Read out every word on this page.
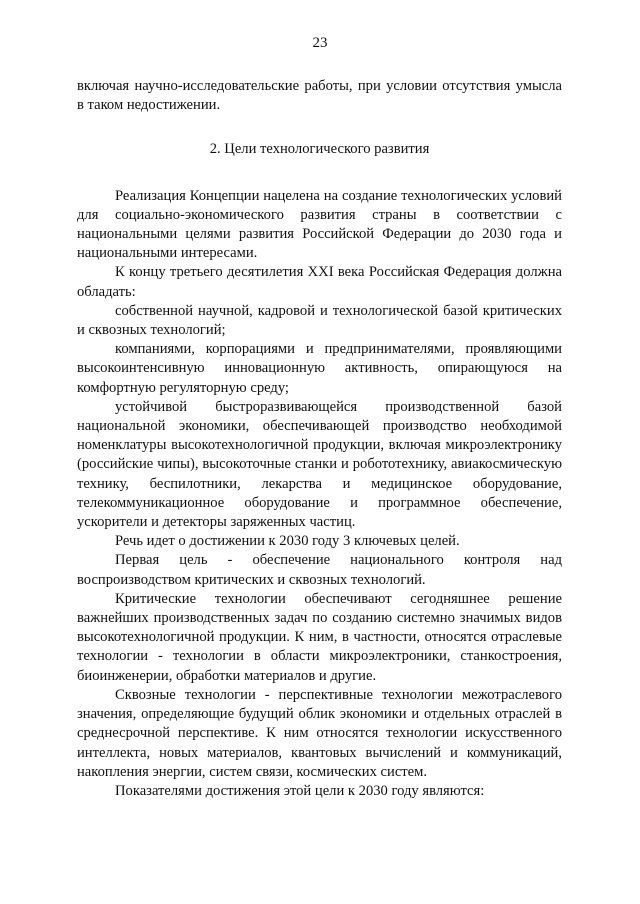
23

включая научно-исследовательские работы, при условии отсутствия умысла в таком недостижении.

2. Цели технологического развития

Реализация Концепции нацелена на создание технологических условий для социально-экономического развития страны в соответствии с национальными целями развития Российской Федерации до 2030 года и национальными интересами.

К концу третьего десятилетия XXI века Российская Федерация должна обладать:

собственной научной, кадровой и технологической базой критических и сквозных технологий;

компаниями, корпорациями и предпринимателями, проявляющими высокоинтенсивную инновационную активность, опирающуюся на комфортную регуляторную среду;

устойчивой быстроразвивающейся производственной базой национальной экономики, обеспечивающей производство необходимой номенклатуры высокотехнологичной продукции, включая микроэлектронику (российские чипы), высокоточные станки и робототехнику, авиакосмическую технику, беспилотники, лекарства и медицинское оборудование, телекоммуникационное оборудование и программное обеспечение, ускорители и детекторы заряженных частиц.

Речь идет о достижении к 2030 году 3 ключевых целей.

Первая цель - обеспечение национального контроля над воспроизводством критических и сквозных технологий.

Критические технологии обеспечивают сегодняшнее решение важнейших производственных задач по созданию системно значимых видов высокотехнологичной продукции. К ним, в частности, относятся отраслевые технологии - технологии в области микроэлектроники, станкостроения, биоинженерии, обработки материалов и другие.

Сквозные технологии - перспективные технологии межотраслевого значения, определяющие будущий облик экономики и отдельных отраслей в среднесрочной перспективе. К ним относятся технологии искусственного интеллекта, новых материалов, квантовых вычислений и коммуникаций, накопления энергии, систем связи, космических систем.

Показателями достижения этой цели к 2030 году являются:
